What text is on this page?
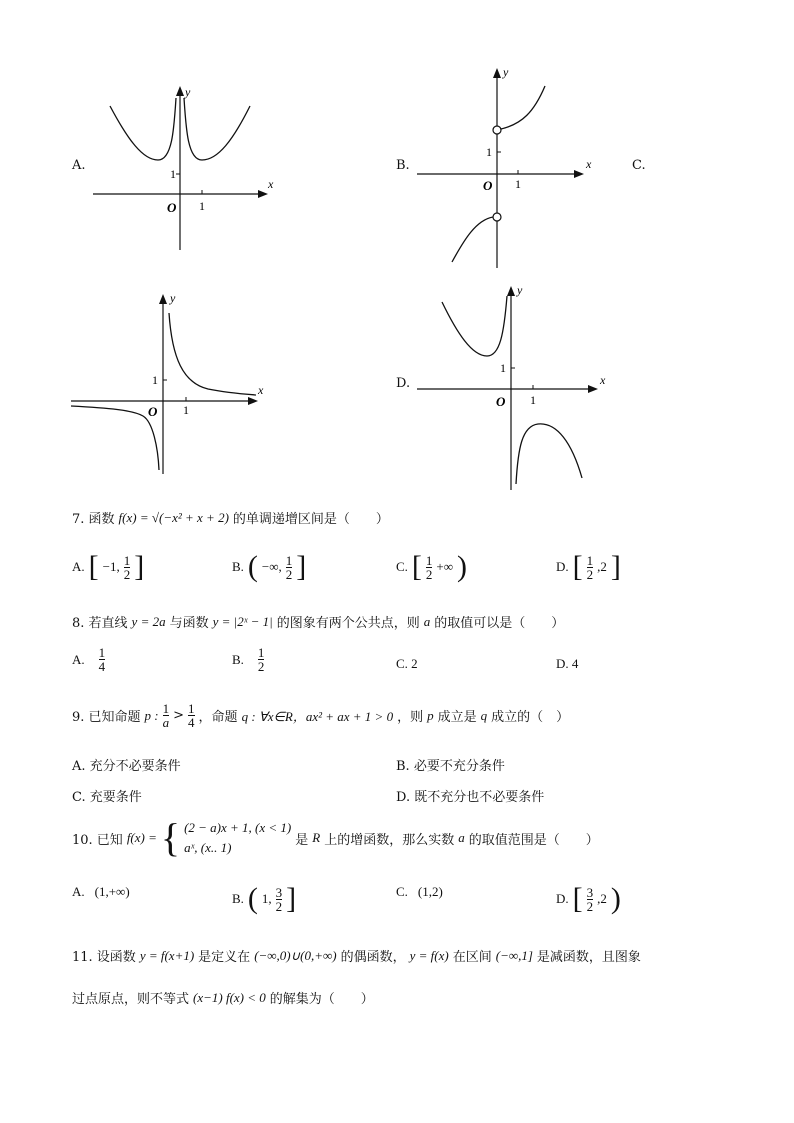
A.
x
y
O
1
1
B.	x
y
O
1
1
C.
x
y
O
1
1
D.	x
y
O
1
1
7. 函数 f(x) = √(−x² + x + 2) 的单调递增区间是（　　）
A. [ −1, $\frac{1}{2}$ ]	B. ( −∞, $\frac{1}{2}$ ]	C. [ $\frac{1}{2}$ +∞ )	D. [ $\frac{1}{2} ,2$ ]
8. 若直线 y = 2a 与函数 y = |2ˣ − 1| 的图象有两个公共点，则 a 的取值可以是（　　）
A. $\frac{1}{4}$	B. $\frac{1}{2}$	C. 2	D. 4
9. 已知命题 p : $\frac{1}{a} > \frac{1}{4}$ ，命题 q : ∀x∈R，ax² + ax + 1 > 0 ，则 p 成立是 q 成立的（　）
A. 充分不必要条件	B. 必要不充分条件
C. 充要条件	D. 既不充分也不必要条件
10. 已知 f(x) = { (2 − a)x + 1, (x < 1)
aˣ, (x.. 1)	是 R 上的增函数，那么实数 a 的取值范围是（　　）
A. (1,+∞)	B. ( 1, $\frac{3}{2}$ ]	C. (1,2)	D. [ $\frac{3}{2} ,2$ )
11. 设函数 y = f(x+1) 是定义在 (−∞,0)∪(0,+∞) 的偶函数， y = f(x) 在区间 (−∞,1] 是减函数，且图象
过点原点，则不等式 (x−1) f(x) < 0 的解集为（　　）
